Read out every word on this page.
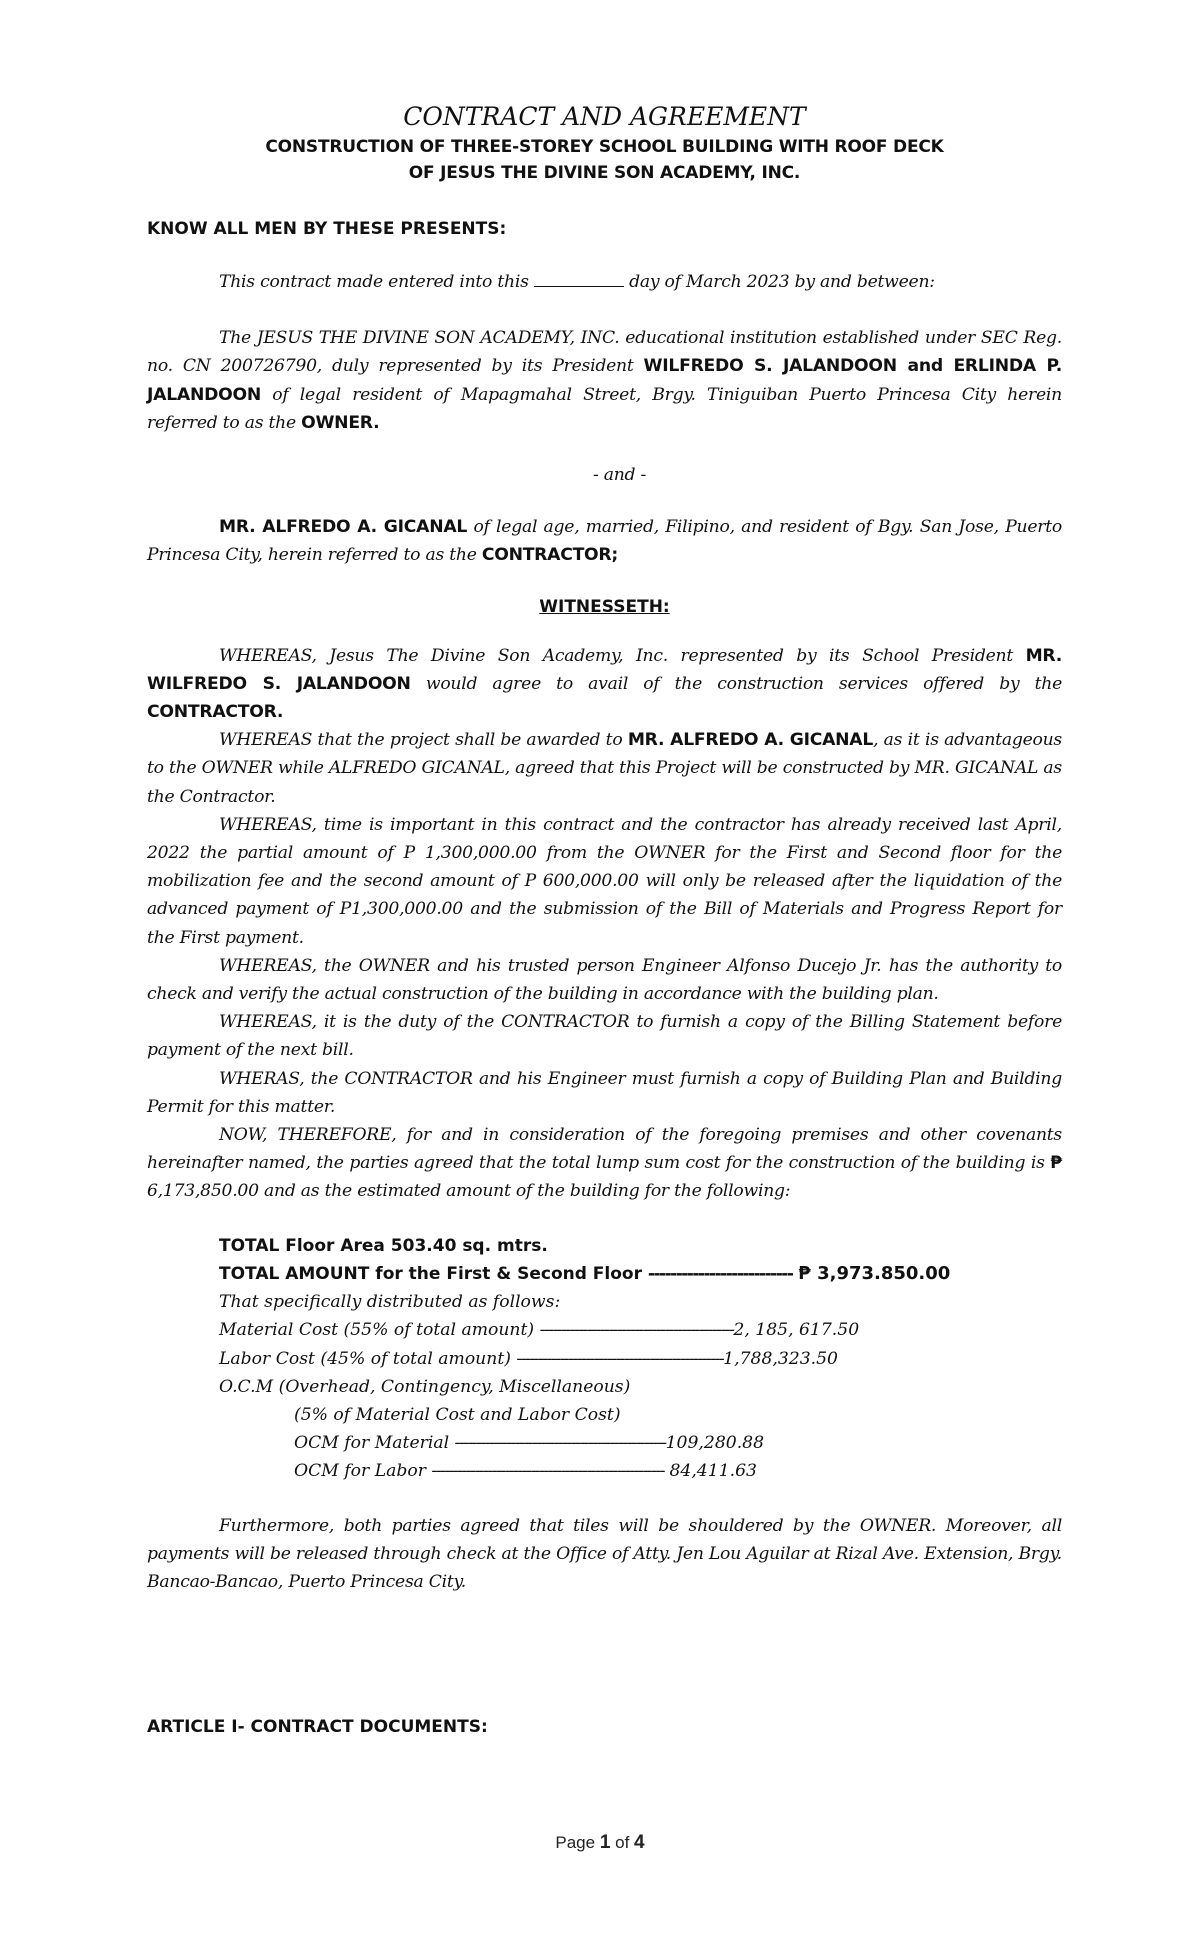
CONTRACT AND AGREEMENT

CONSTRUCTION OF THREE-STOREY SCHOOL BUILDING WITH ROOF DECK

OF JESUS THE DIVINE SON ACADEMY, INC.

KNOW ALL MEN BY THESE PRESENTS:

This contract made entered into this	day of March 2023 by and between:

The JESUS THE DIVINE SON ACADEMY, INC. educational institution established under SEC Reg. no. CN 200726790, duly represented by its President WILFREDO S. JALANDOON and ERLINDA P. JALANDOON of legal resident of Mapagmahal Street, Brgy. Tiniguiban Puerto Princesa City herein referred to as the OWNER.

- and -

MR. ALFREDO A. GICANAL of legal age, married, Filipino, and resident of Bgy. San Jose, Puerto Princesa City, herein referred to as the CONTRACTOR;

WITNESSETH:

WHEREAS, Jesus The Divine Son Academy, Inc. represented by its School President MR. WILFREDO S. JALANDOON would agree to avail of the construction services offered by the CONTRACTOR.

WHEREAS that the project shall be awarded to MR. ALFREDO A. GICANAL, as it is advantageous to the OWNER while ALFREDO GICANAL, agreed that this Project will be constructed by MR. GICANAL as the Contractor.

WHEREAS, time is important in this contract and the contractor has already received last April, 2022 the partial amount of P 1,300,000.00 from the OWNER for the First and Second floor for the mobilization fee and the second amount of P 600,000.00 will only be released after the liquidation of the advanced payment of P1,300,000.00 and the submission of the Bill of Materials and Progress Report for the First payment.

WHEREAS, the OWNER and his trusted person Engineer Alfonso Ducejo Jr. has the authority to check and verify the actual construction of the building in accordance with the building plan.

WHEREAS, it is the duty of the CONTRACTOR to furnish a copy of the Billing Statement before payment of the next bill.

WHERAS, the CONTRACTOR and his Engineer must furnish a copy of Building Plan and Building Permit for this matter.

NOW, THEREFORE, for and in consideration of the foregoing premises and other covenants hereinafter named, the parties agreed that the total lump sum cost for the construction of the building is ₱ 6,173,850.00 and as the estimated amount of the building for the following:

TOTAL Floor Area 503.40 sq. mtrs.
TOTAL AMOUNT for the First & Second Floor -------------------------- ₱ 3,973.850.00
That specifically distributed as follows:
Material Cost (55% of total amount) ---------------------------------------------2, 185, 617.50
Labor Cost (45% of total amount) ------------------------------------------------1,788,323.50
O.C.M (Overhead, Contingency, Miscellaneous)
(5% of Material Cost and Labor Cost)
OCM for Material -------------------------------------------------109,280.88
OCM for Labor ------------------------------------------------------ 84,411.63

Furthermore, both parties agreed that tiles will be shouldered by the OWNER. Moreover, all payments will be released through check at the Office of Atty. Jen Lou Aguilar at Rizal Ave. Extension, Brgy. Bancao-Bancao, Puerto Princesa City.

ARTICLE I- CONTRACT DOCUMENTS:

Page 1 of 4
